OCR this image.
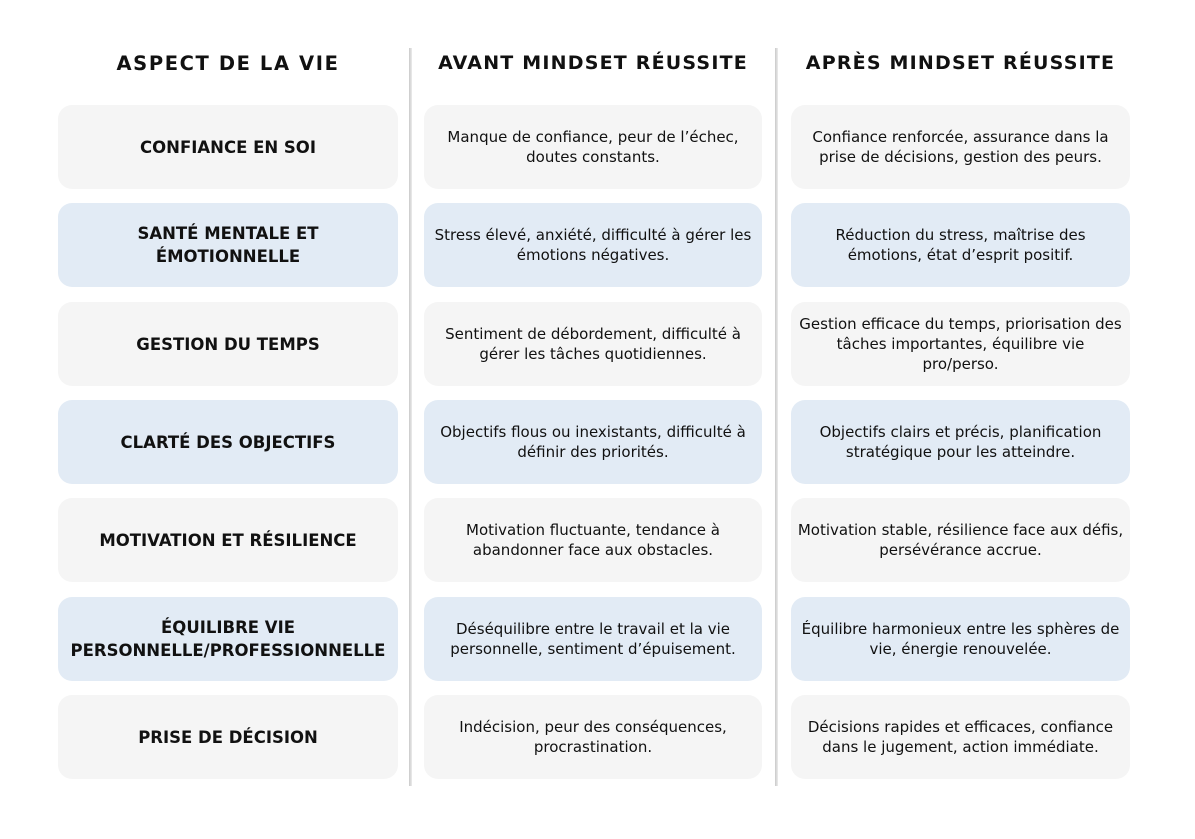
ASPECT DE LA VIE
CONFIANCE EN SOI
SANTÉ MENTALE ET ÉMOTIONNELLE
GESTION DU TEMPS
CLARTÉ DES OBJECTIFS
MOTIVATION ET RÉSILIENCE
ÉQUILIBRE VIE PERSONNELLE/PROFESSIONNELLE
PRISE DE DÉCISION
AVANT MINDSET RÉUSSITE
Manque de confiance, peur de l’échec, doutes constants.
Stress élevé, anxiété, difficulté à gérer les émotions négatives.
Sentiment de débordement, difficulté à gérer les tâches quotidiennes.
Objectifs flous ou inexistants, difficulté à définir des priorités.
Motivation fluctuante, tendance à abandonner face aux obstacles.
Déséquilibre entre le travail et la vie personnelle, sentiment d’épuisement.
Indécision, peur des conséquences, procrastination.
APRÈS MINDSET RÉUSSITE
Confiance renforcée, assurance dans la prise de décisions, gestion des peurs.
Réduction du stress, maîtrise des émotions, état d’esprit positif.
Gestion efficace du temps, priorisation des tâches importantes, équilibre vie pro/perso.
Objectifs clairs et précis, planification stratégique pour les atteindre.
Motivation stable, résilience face aux défis, persévérance accrue.
Équilibre harmonieux entre les sphères de vie, énergie renouvelée.
Décisions rapides et efficaces, confiance dans le jugement, action immédiate.
